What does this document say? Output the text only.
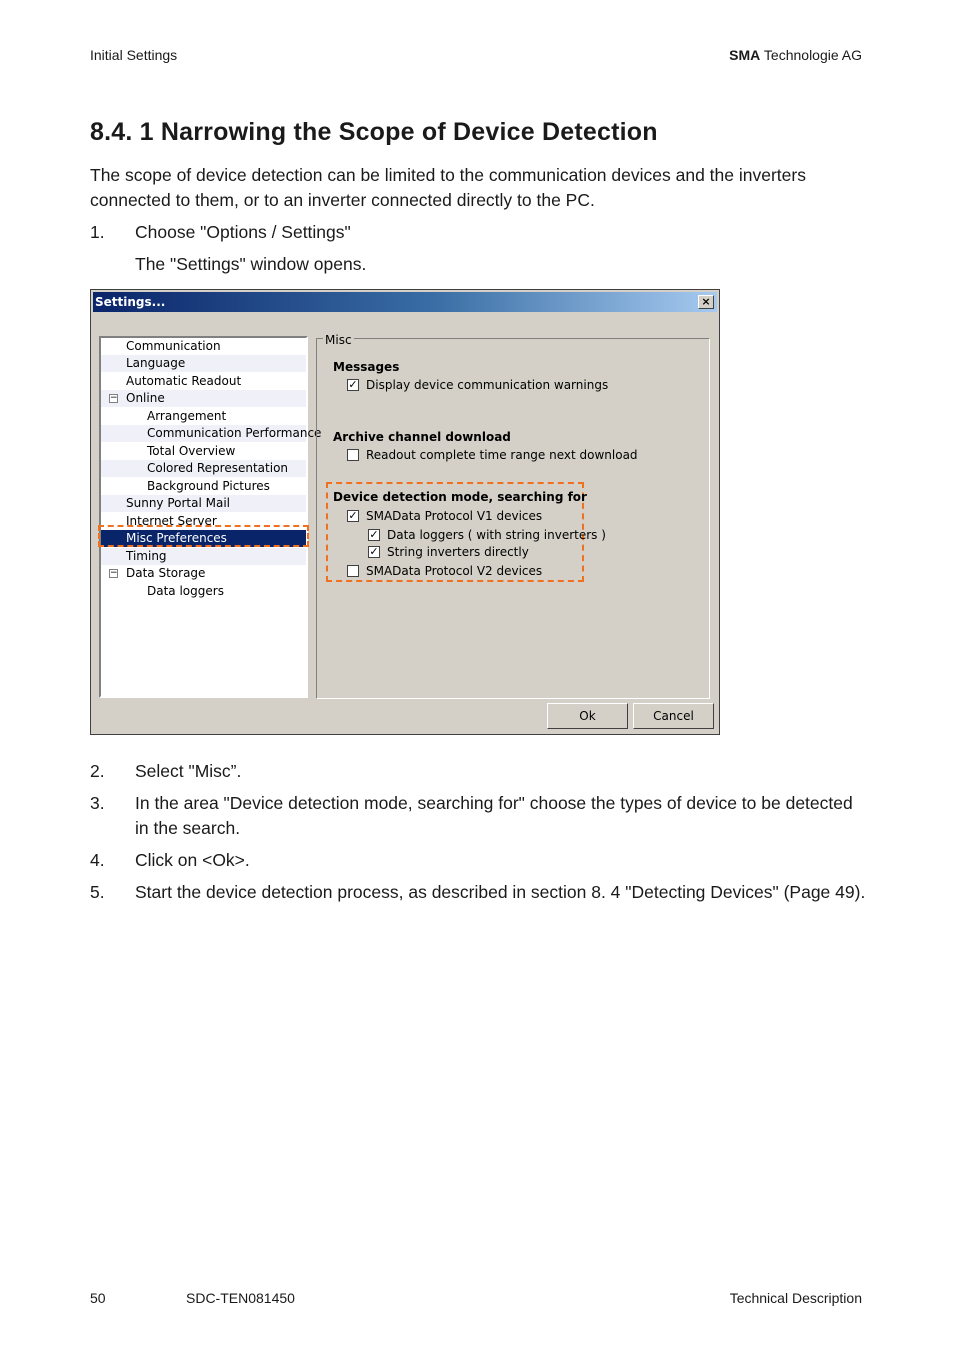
Initial Settings	SMA Technologie AG
8.4. 1 Narrowing the Scope of Device Detection
The scope of device detection can be limited to the communication devices and the inverters connected to them, or to an inverter connected directly to the PC.
1. Choose "Options / Settings"
The "Settings" window opens.
Settings...	×
Communication
Language
Automatic Readout
− Online
Arrangement
Communication Performance
Total Overview
Colored Representation
Background Pictures
Sunny Portal Mail
Internet Server
Misc Preferences
Timing
− Data Storage
Data loggers
Misc
Messages
✓ Display device communication warnings
Archive channel download
Readout complete time range next download
Device detection mode, searching for
✓ SMAData Protocol V1 devices
✓ Data loggers ( with string inverters )
✓ String inverters directly
SMAData Protocol V2 devices
Ok	Cancel
2. Select "Misc”.
3. In the area "Device detection mode, searching for" choose the types of device to be detected in the search.
4. Click on <Ok>.
5. Start the device detection process, as described in section 8. 4 "Detecting Devices" (Page 49).
50	SDC-TEN081450	Technical Description
